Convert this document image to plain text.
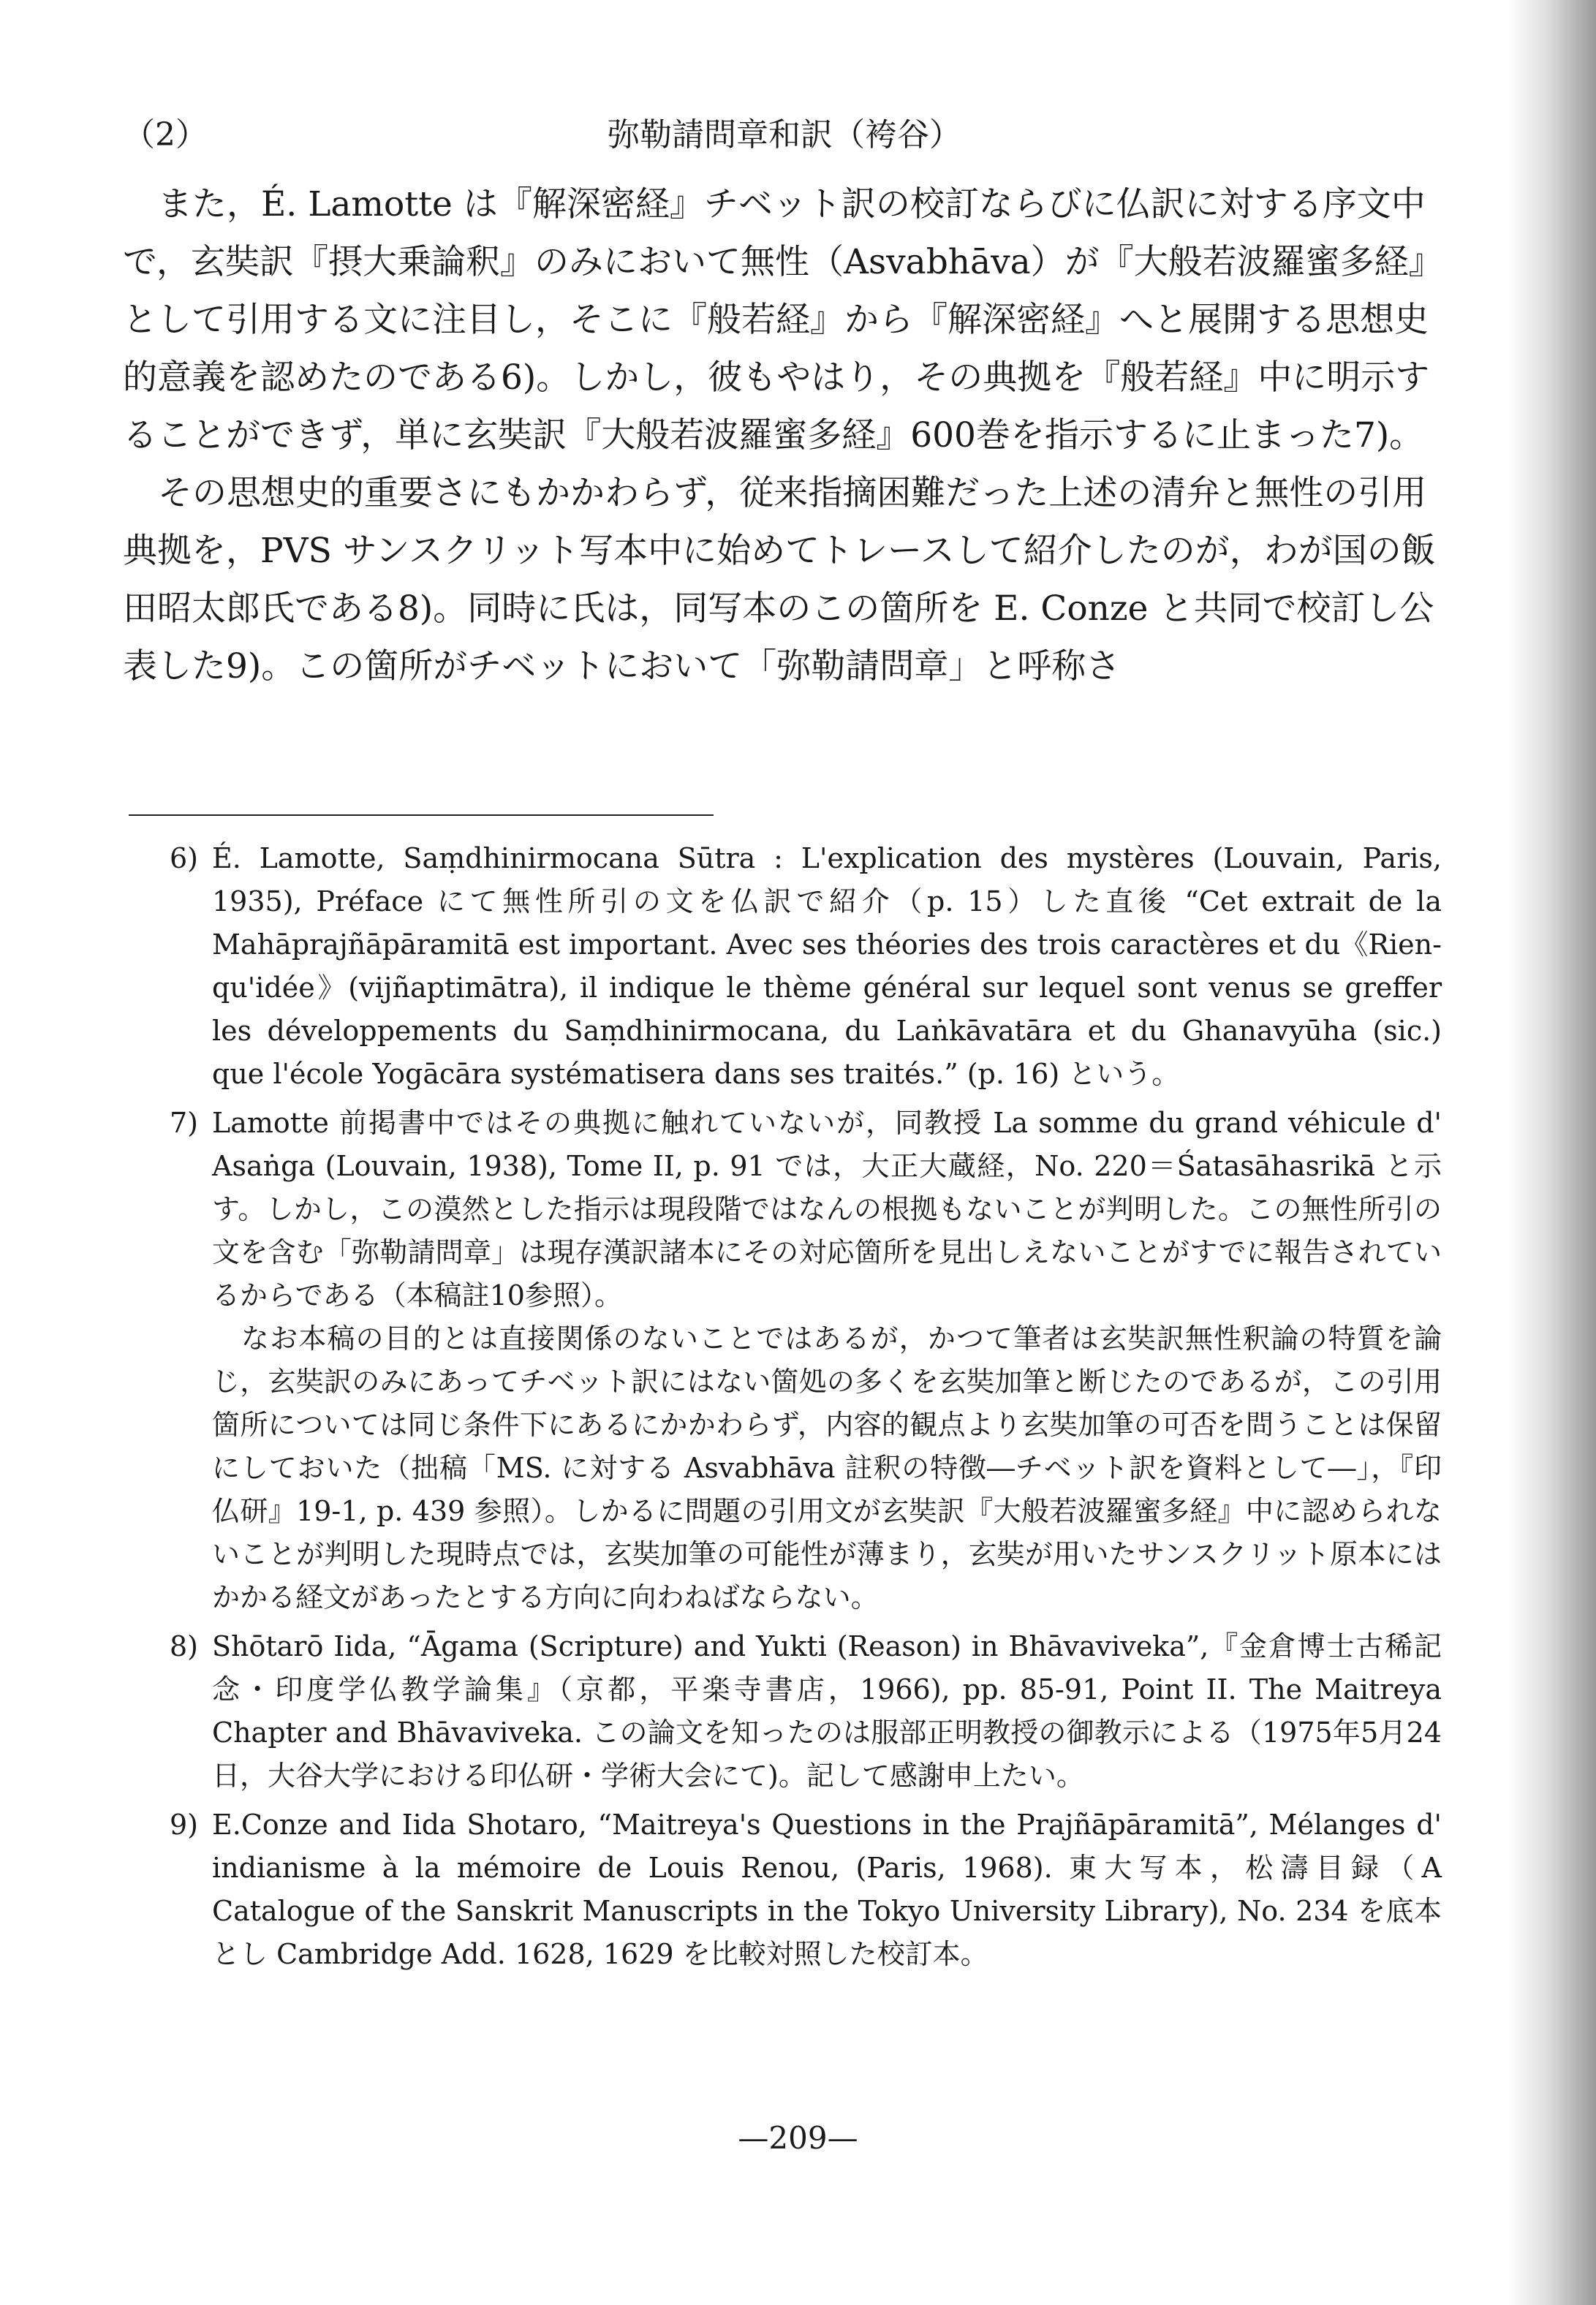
（2）	弥勒請問章和訳（袴谷）

また，É. Lamotte は『解深密経』チベット訳の校訂ならびに仏訳に対する序文中で，玄奘訳『摂大乗論釈』のみにおいて無性（Asvabhāva）が『大般若波羅蜜多経』として引用する文に注目し，そこに『般若経』から『解深密経』へと展開する思想史的意義を認めたのである6)。しかし，彼もやはり，その典拠を『般若経』中に明示することができず，単に玄奘訳『大般若波羅蜜多経』600巻を指示するに止まった7)。

その思想史的重要さにもかかわらず，従来指摘困難だった上述の清弁と無性の引用典拠を，PVS サンスクリット写本中に始めてトレースして紹介したのが，わが国の飯田昭太郎氏である8)。同時に氏は，同写本のこの箇所を E. Conze と共同で校訂し公表した9)。この箇所がチベットにおいて「弥勒請問章」と呼称さ

6) É. Lamotte, Saṃdhinirmocana Sūtra : L'explication des mystères (Louvain, Paris, 1935), Préface にて無性所引の文を仏訳で紹介（p. 15）した直後 “Cet extrait de la Mahāprajñāpāramitā est important. Avec ses théories des trois caractères et du《Rien-qu'idée》(vijñaptimātra), il indique le thème général sur lequel sont venus se greffer les développements du Saṃdhinirmocana, du Laṅkāvatāra et du Ghanavyūha (sic.) que l'école Yogācāra systématisera dans ses traités.” (p. 16) という。

7) Lamotte 前掲書中ではその典拠に触れていないが，同教授 La somme du grand véhicule d' Asaṅga (Louvain, 1938), Tome II, p. 91 では，大正大蔵経，No. 220＝Śatasāhasrikā と示す。しかし，この漠然とした指示は現段階ではなんの根拠もないことが判明した。この無性所引の文を含む「弥勒請問章」は現存漢訳諸本にその対応箇所を見出しえないことがすでに報告されているからである（本稿註10参照）。

なお本稿の目的とは直接関係のないことではあるが，かつて筆者は玄奘訳無性釈論の特質を論じ，玄奘訳のみにあってチベット訳にはない箇処の多くを玄奘加筆と断じたのであるが，この引用箇所については同じ条件下にあるにかかわらず，内容的観点より玄奘加筆の可否を問うことは保留にしておいた（拙稿「MS. に対する Asvabhāva 註釈の特徴―チベット訳を資料として―」，『印仏研』19-1, p. 439 参照）。しかるに問題の引用文が玄奘訳『大般若波羅蜜多経』中に認められないことが判明した現時点では，玄奘加筆の可能性が薄まり，玄奘が用いたサンスクリット原本にはかかる経文があったとする方向に向わねばならない。

8) Shōtarō Iida, “Āgama (Scripture) and Yukti (Reason) in Bhāvaviveka”,『金倉博士古稀記念・印度学仏教学論集』（京都，平楽寺書店，1966), pp. 85-91, Point II. The Maitreya Chapter and Bhāvaviveka. この論文を知ったのは服部正明教授の御教示による（1975年5月24日，大谷大学における印仏研・学術大会にて)。記して感謝申上たい。

9) E.Conze and Iida Shotaro, “Maitreya's Questions in the Prajñāpāramitā”, Mélanges d' indianisme à la mémoire de Louis Renou, (Paris, 1968). 東大写本，松濤目録（A Catalogue of the Sanskrit Manuscripts in the Tokyo University Library), No. 234 を底本とし Cambridge Add. 1628, 1629 を比較対照した校訂本。

—209—
